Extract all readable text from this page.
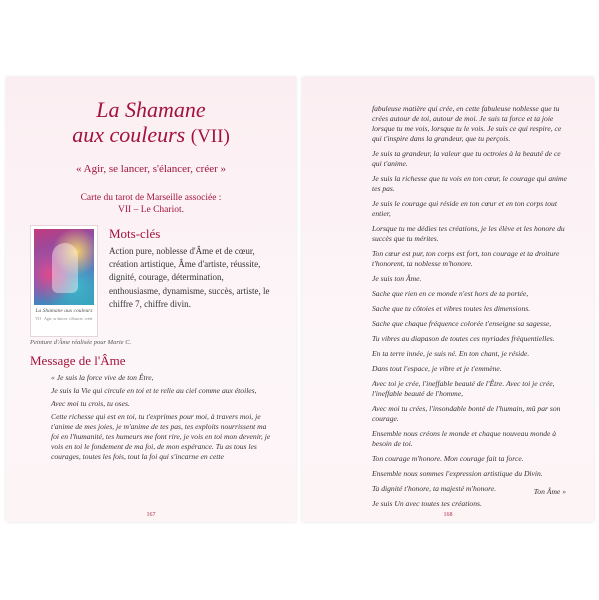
La Shamane
aux couleurs (VII)
« Agir, se lancer, s'élancer, créer »
Carte du tarot de Marseille associée :
VII – Le Chariot.
La Shamane aux couleurs
VII · Agir, se lancer, s'élancer, créer
Mots-clés
Action pure, noblesse d'Âme et de cœur, création artistique, Âme d'artiste, réussite, dignité, courage, détermination, enthousiasme, dynamisme, succès, artiste, le chiffre 7, chiffre divin.
Peinture d'Âme réalisée pour Marie C.
Message de l'Âme

« Je suis la force vive de ton Être,

Je suis la Vie qui circule en toi et te relie au ciel comme aux étoiles,

Avec moi tu crois, tu oses.

Cette richesse qui est en toi, tu t'exprimes pour moi, à travers moi, je t'anime de mes joies, je m'anime de tes pas, tes exploits nourrissent ma foi en l'humanité, tes humeurs me font rire, je vois en toi mon devenir, je vois en toi le fondement de ma foi, de mon espérance. Tu as tous les courages, toutes les fois, tout la foi qui s'incarne en cette

167

fabuleuse matière qui crée, en cette fabuleuse noblesse que tu crées autour de toi, autour de moi. Je suis ta force et ta joie lorsque tu me vois, lorsque tu le vois. Je suis ce qui respire, ce qui t'inspire dans la grandeur, que tu perçois.

Je suis ta grandeur, la valeur que tu octroies à la beauté de ce qui t'anime.

Je suis la richesse que tu vois en ton cœur, le courage qui anime tes pas.

Je suis le courage qui réside en ton cœur et en ton corps tout entier,

Lorsque tu me dédies tes créations, je les élève et les honore du succès que tu mérites.

Ton cœur est pur, ton corps est fort, ton courage et ta droiture t'honorent, ta noblesse m'honore.

Je suis ton Âme.

Sache que rien en ce monde n'est hors de ta portée,

Sache que tu côtoies et vibres toutes les dimensions.

Sache que chaque fréquence colorée t'enseigne sa sagesse,

Tu vibres au diapason de toutes ces myriades fréquentielles.

En ta terre innée, je suis né. En ton chant, je réside.

Dans tout l'espace, je vibre et je t'emmène.

Avec toi je crée, l'ineffable beauté de l'Être. Avec toi je crée, l'ineffable beauté de l'homme,

Avec moi tu crées, l'insondable bonté de l'humain, mû par son courage.

Ensemble nous créons le monde et chaque nouveau monde à besoin de toi.

Ton courage m'honore. Mon courage fait ta force.

Ensemble nous sommes l'expression artistique du Divin.

Ta dignité t'honore, ta majesté m'honore.

Je suis Un avec toutes tes créations.

Ton Âme »
168
